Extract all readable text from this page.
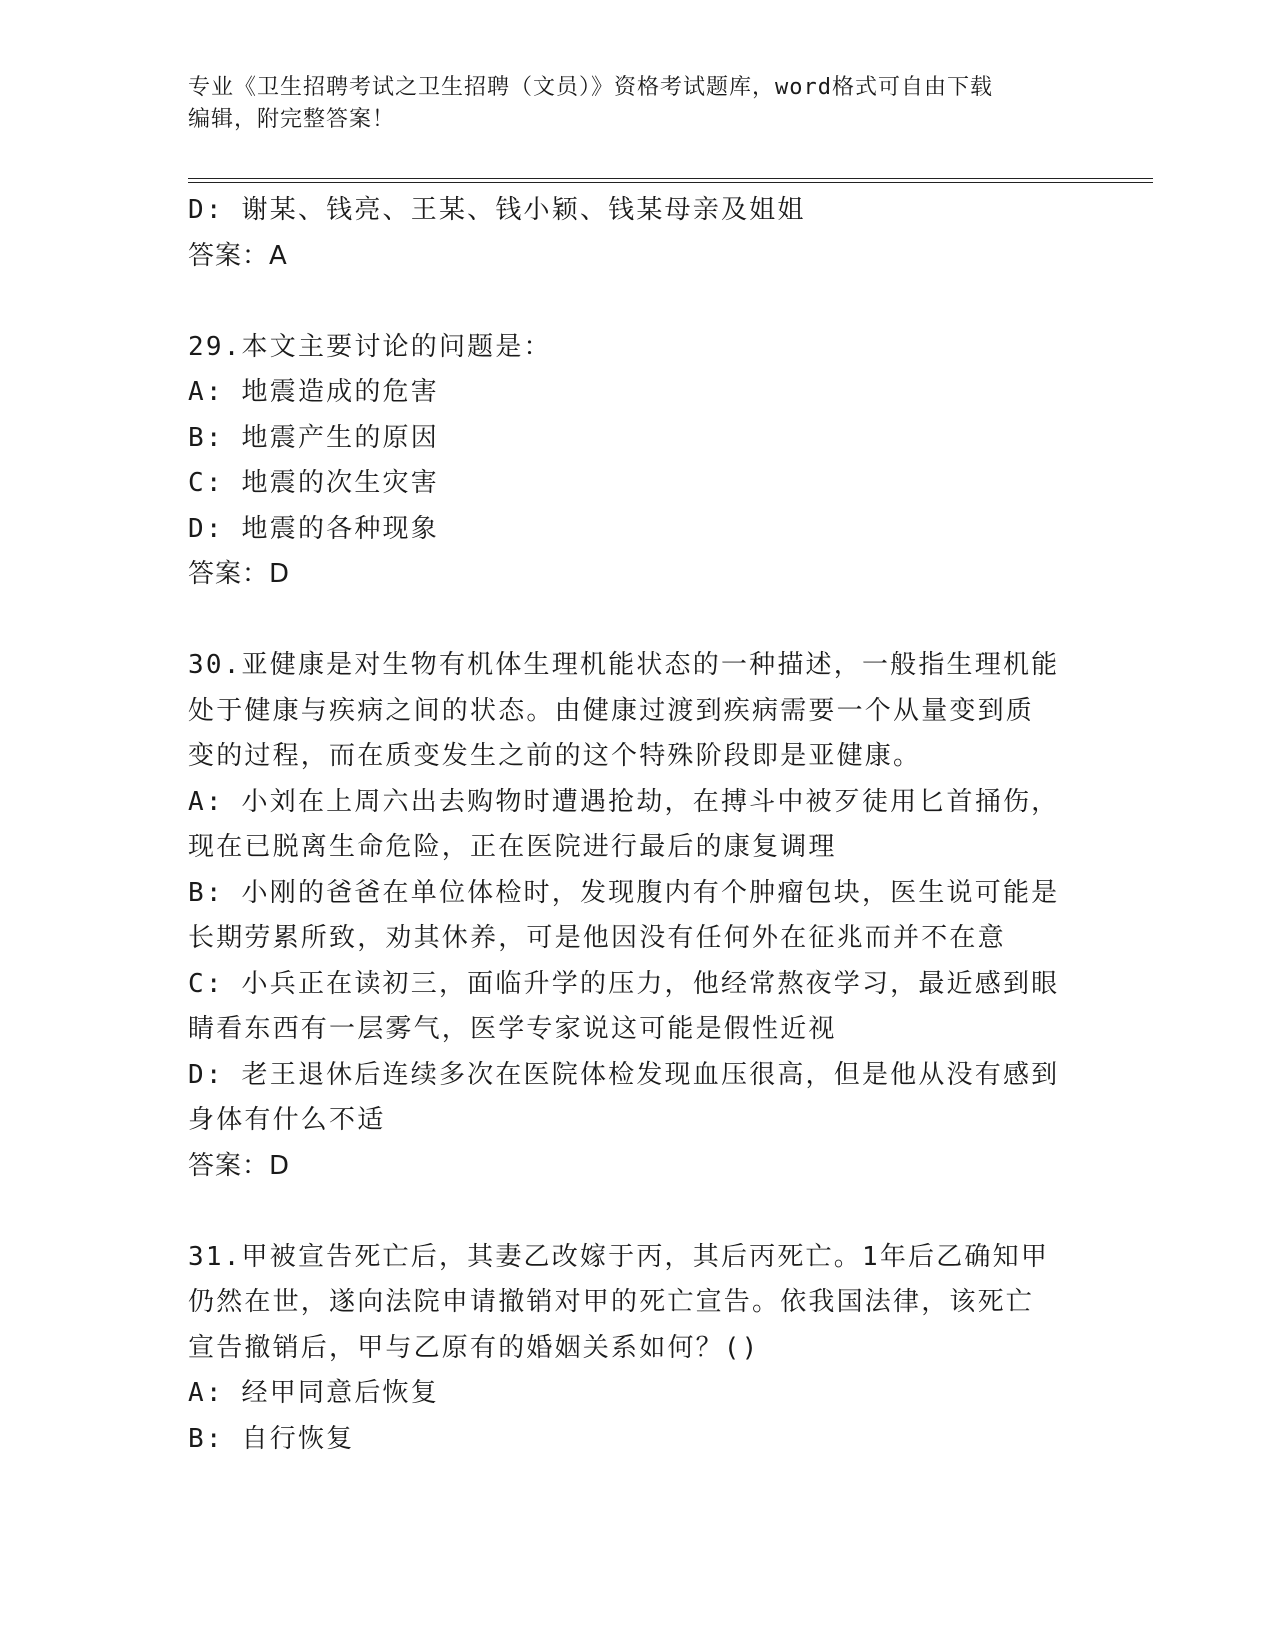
专业《卫生招聘考试之卫生招聘（文员）》资格考试题库，word格式可自由下载
编辑，附完整答案！
D: 谢某、钱亮、王某、钱小颖、钱某母亲及姐姐
答案：A
29.本文主要讨论的问题是：
A: 地震造成的危害
B: 地震产生的原因
C: 地震的次生灾害
D: 地震的各种现象
答案：D
30.亚健康是对生物有机体生理机能状态的一种描述，一般指生理机能
处于健康与疾病之间的状态。由健康过渡到疾病需要一个从量变到质
变的过程，而在质变发生之前的这个特殊阶段即是亚健康。
A: 小刘在上周六出去购物时遭遇抢劫，在搏斗中被歹徒用匕首捅伤，
现在已脱离生命危险，正在医院进行最后的康复调理
B: 小刚的爸爸在单位体检时，发现腹内有个肿瘤包块，医生说可能是
长期劳累所致，劝其休养，可是他因没有任何外在征兆而并不在意
C: 小兵正在读初三，面临升学的压力，他经常熬夜学习，最近感到眼
睛看东西有一层雾气，医学专家说这可能是假性近视
D: 老王退休后连续多次在医院体检发现血压很高，但是他从没有感到
身体有什么不适
答案：D
31.甲被宣告死亡后，其妻乙改嫁于丙，其后丙死亡。1年后乙确知甲
仍然在世，遂向法院申请撤销对甲的死亡宣告。依我国法律，该死亡
宣告撤销后，甲与乙原有的婚姻关系如何？()
A: 经甲同意后恢复
B: 自行恢复
